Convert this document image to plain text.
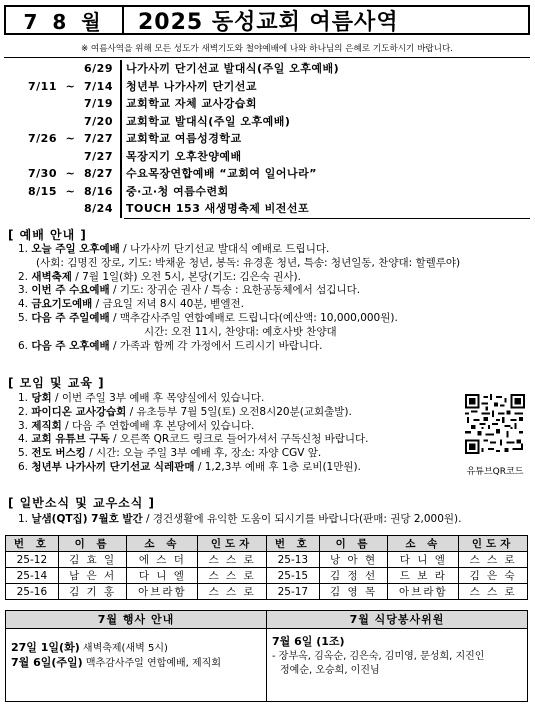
7 8 월	2025 동성교회 여름사역
※ 여름사역을 위해 모든 성도가 새벽기도와 철야예배에 나와 하나님의 은혜로 기도하시기 바랍니다.
6/29	나가사끼 단기선교 발대식(주일 오후예배)
7/11  ~  7/14	청년부 나가사끼 단기선교
7/19	교회학교 자체 교사강습회
7/20	교회학교 발대식(주일 오후예배)
7/26  ~  7/27	교회학교 여름성경학교
7/27	목장지기 오후찬양예배
7/30  ~  8/27	수요목장연합예배 “교회여 일어나라”
8/15  ~  8/16	중·고·청 여름수련회
8/24	TOUCH 153 새생명축제 비전선포
[ 예배 안내 ]
1. 오늘 주일 오후예배 / 나가사끼 단기선교 발대식 예배로 드립니다.
(사회: 김명진 장로, 기도: 박채윤 청년, 봉독: 유경훈 청년, 특송: 청년일동, 찬양대: 할렐루야)
2. 새벽축제 / 7월 1일(화) 오전 5시, 본당(기도: 김은숙 권사).
3. 이번 주 수요예배 / 기도: 장귀순 권사 / 특송 : 요한공동체에서 섬깁니다.
4. 금요기도예배 / 금요일 저녁 8시 40분, 벧엘전.
5. 다음 주 주일예배 / 맥추감사주일 연합예배로 드립니다(예산액: 10,000,000원).
시간: 오전 11시, 찬양대: 예호사밧 찬양대
6. 다음 주 오후예배 / 가족과 함께 각 가정에서 드리시기 바랍니다.
[ 모임 및 교육 ]
1. 당회 / 이번 주일 3부 예배 후 목양실에서 있습니다.
2. 파이디온 교사강습회 / 유초등부 7월 5일(토) 오전8시20분(교회출발).
3. 제직회 / 다음 주 연합예배 후 본당에서 있습니다.
4. 교회 유튜브 구독 / 오른쪽 QR코드 링크로 들어가셔서 구독신청 바랍니다.
5. 전도 버스킹 / 시간: 오늘 주일 3부 예배 후, 장소: 자양 CGV 앞.
6. 청년부 나가사끼 단기선교 식레판매 / 1,2,3부 예배 후 1층 로비(1만원).	유튜브QR코드
[ 일반소식 및 교우소식 ]
1. 날샘(QT집) 7월호 발간 / 경건생활에 유익한 도움이 되시기를 바랍니다(판매: 권당 2,000원).
번 호	이 름	소 속	인도자	번 호	이 름	소 속	인도자
25-12	김 효 일	에 스 더	스 스 로	25-13	낭 아 현	다 니 엘	스 스 로
25-14	남 은 서	다 니 엘	스 스 로	25-15	김 정 선	드 보 라	김 은 숙
25-16	김 기 홍	아브라함	스 스 로	25-17	김 영 목	아브라함	스 스 로
7월 행사 안내
27일 1일(화) 새벽축제(새벽 5시)
7월 6일(주일) 맥추감사주일 연합예배, 제직회
7월 식당봉사위원
7월 6일 (1조)
- 장부옥, 김옥순, 김은숙, 김미영, 문성희, 지진인
정예순, 오승희, 이진님
